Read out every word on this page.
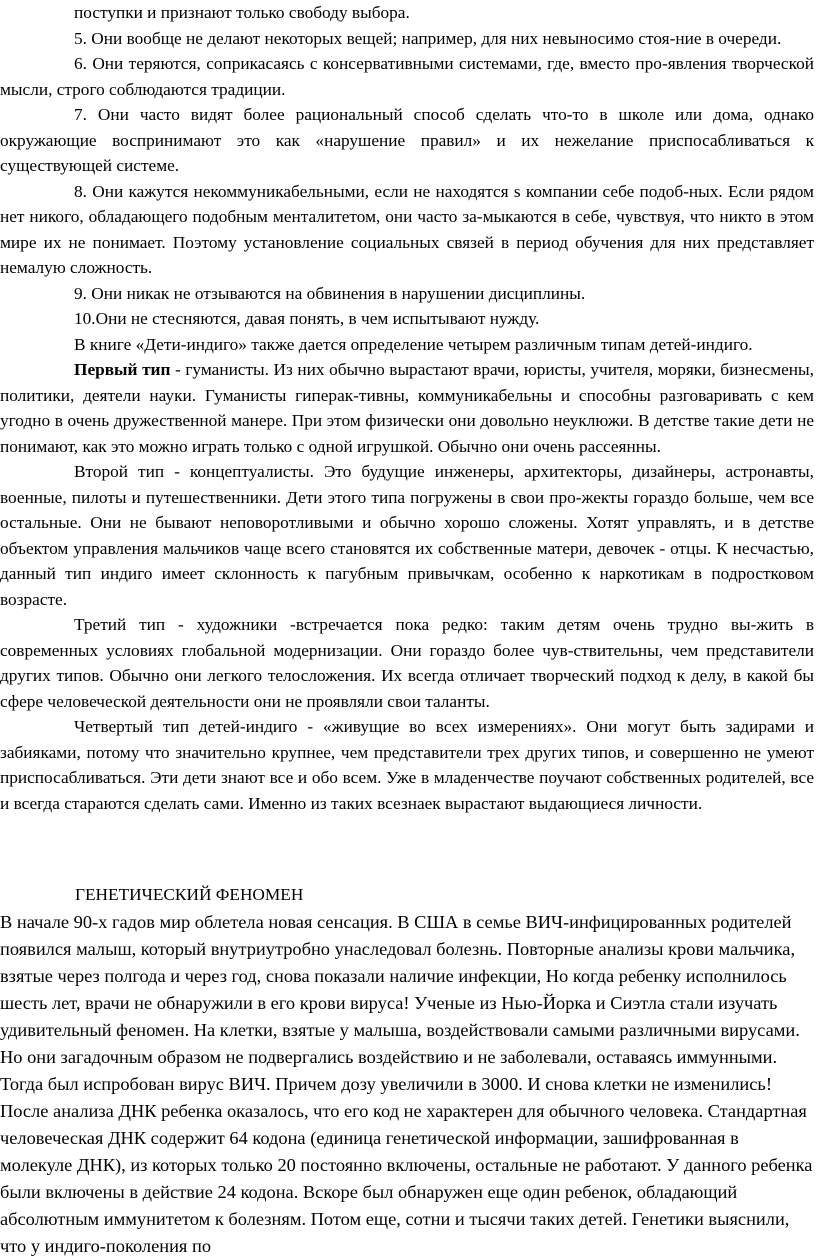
поступки и признают только свободу выбора.

5. Они вообще не делают некоторых вещей; например, для них невыносимо стоя-ние в очереди.

6. Они теряются, соприкасаясь с консервативными системами, где, вместо про-явления творческой мысли, строго соблюдаются традиции.

7. Они часто видят более рациональный способ сделать что-то в школе или дома, однако окружающие воспринимают это как «нарушение правил» и их нежелание приспосабливаться к существующей системе.

8. Они кажутся некоммуникабельными, если не находятся s компании себе подоб-ных. Если рядом нет никого, обладающего подобным менталитетом, они часто за-мыкаются в себе, чувствуя, что никто в этом мире их не понимает. Поэтому установление социальных связей в период обучения для них представляет немалую сложность.

9. Они никак не отзываются на обвинения в нарушении дисциплины.

10.Они не стесняются, давая понять, в чем испытывают нужду.

В книге «Дети-индиго» также дается определение четырем различным типам детей-индиго.

Первый тип - гуманисты. Из них обычно вырастают врачи, юристы, учителя, моряки, бизнесмены, политики, деятели науки. Гуманисты гиперак-тивны, коммуникабельны и способны разговаривать с кем угодно в очень дружественной манере. При этом физически они довольно неуклюжи. В детстве такие дети не понимают, как это можно играть только с одной игрушкой. Обычно они очень рассеянны.

Второй тип - концептуалисты. Это будущие инженеры, архитекторы, дизайнеры, астронавты, военные, пилоты и путешественники. Дети этого типа погружены в свои про-жекты гораздо больше, чем все остальные. Они не бывают неповоротливыми и обычно хорошо сложены. Хотят управлять, и в детстве объектом управления мальчиков чаще всего становятся их собственные матери, девочек - отцы. К несчастью, данный тип индиго имеет склонность к пагубным привычкам, особенно к наркотикам в подростковом возрасте.

Третий тип - художники -встречается пока редко: таким детям очень трудно вы-жить в современных условиях глобальной модернизации. Они гораздо более чув-ствительны, чем представители других типов. Обычно они легкого телосложения. Их всегда отличает творческий подход к делу, в какой бы сфере человеческой деятельности они не проявляли свои таланты.

Четвертый тип детей-индиго - «живущие во всех измерениях». Они могут быть задирами и забияками, потому что значительно крупнее, чем представители трех других типов, и совершенно не умеют приспосабливаться. Эти дети знают все и обо всем. Уже в младенчестве поучают собственных родителей, все и всегда стараются сделать сами. Именно из таких всезнаек вырастают выдающиеся личности.

ГЕНЕТИЧЕСКИЙ ФЕНОМЕН

В начале 90-х гадов мир облетела новая сенсация. В США в семье ВИЧ-инфицированных родителей появился малыш, который внутриутробно унаследовал болезнь. Повторные анализы крови мальчика, взятые через полгода и через год, снова показали наличие инфекции, Но когда ребенку исполнилось шесть лет, врачи не обнаружили в его крови вируса! Ученые из Нью-Йорка и Сиэтла стали изучать удивительный феномен. На клетки, взятые у малыша, воздействовали самыми различными вирусами. Но они загадочным образом не подвергались воздействию и не заболевали, оставаясь иммунными. Тогда был испробован вирус ВИЧ. Причем дозу увеличили в 3000. И снова клетки не изменились! После анализа ДНК ребенка оказалось, что его код не характерен для обычного человека. Стандартная человеческая ДНК содержит 64 кодона (единица генетической информации, зашифрованная в молекуле ДНК), из которых только 20 постоянно включены, остальные не работают. У данного ребенка были включены в действие 24 кодона. Вскоре был обнаружен еще один ребенок, обладающий абсолютным иммунитетом к болезням. Потом еще, сотни и тысячи таких детей. Генетики выяснили, что у индиго-поколения по
